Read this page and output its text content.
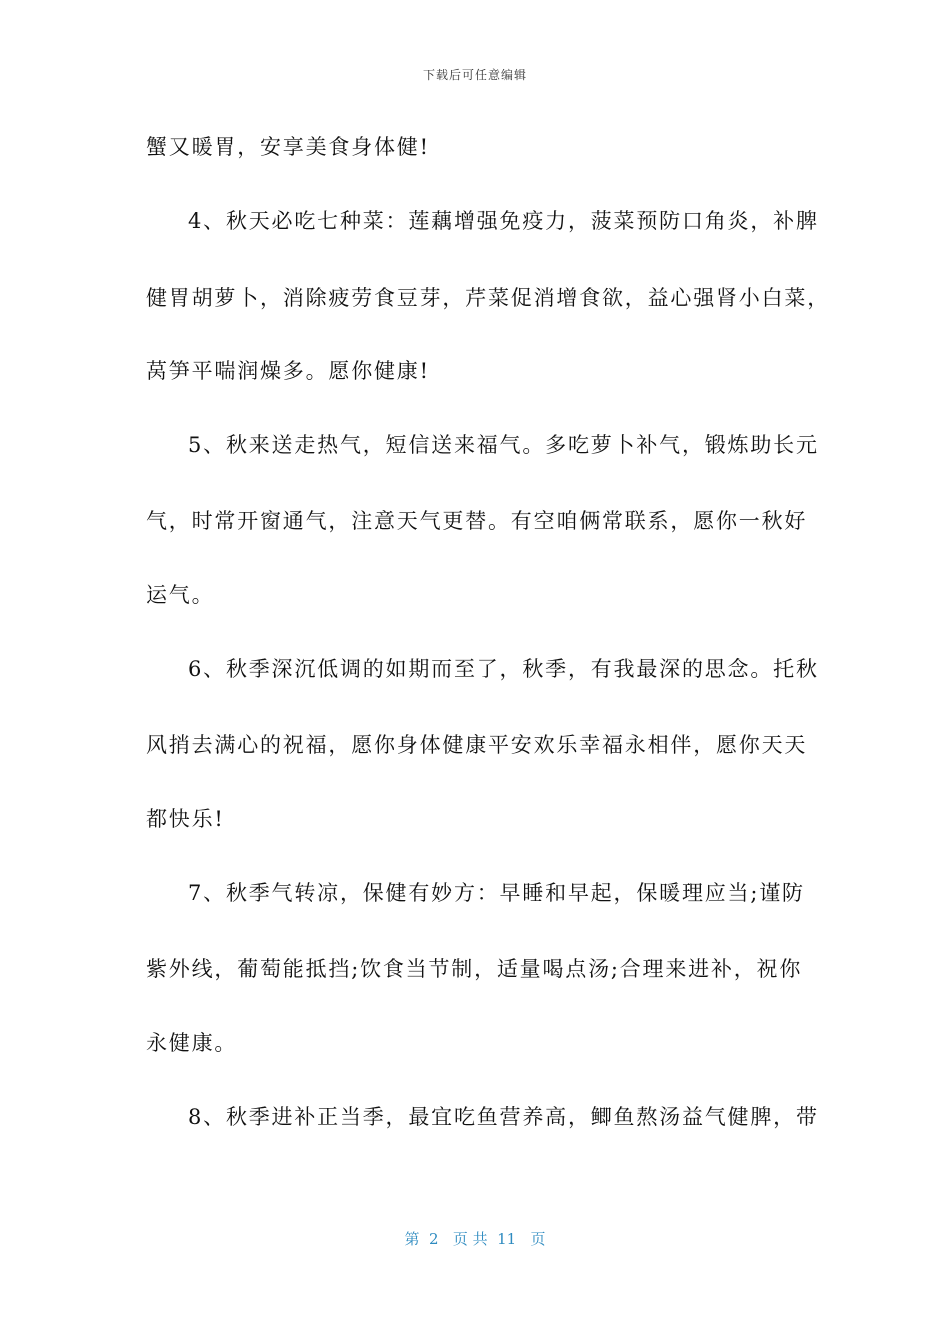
下载后可任意编辑
蟹又暖胃，安享美食身体健!
4、秋天必吃七种菜：莲藕增强免疫力，菠菜预防口角炎，补脾
健胃胡萝卜，消除疲劳食豆芽，芹菜促消增食欲，益心强肾小白菜，
莴笋平喘润燥多。愿你健康!
5、秋来送走热气，短信送来福气。多吃萝卜补气，锻炼助长元
气，时常开窗通气，注意天气更替。有空咱俩常联系，愿你一秋好
运气。
6、秋季深沉低调的如期而至了，秋季，有我最深的思念。托秋
风捎去满心的祝福，愿你身体健康平安欢乐幸福永相伴，愿你天天
都快乐!
7、秋季气转凉，保健有妙方：早睡和早起，保暖理应当;谨防
紫外线，葡萄能抵挡;饮食当节制，适量喝点汤;合理来进补，祝你
永健康。
8、秋季进补正当季，最宜吃鱼营养高，鲫鱼熬汤益气健脾，带
第  2   页 共  11   页
